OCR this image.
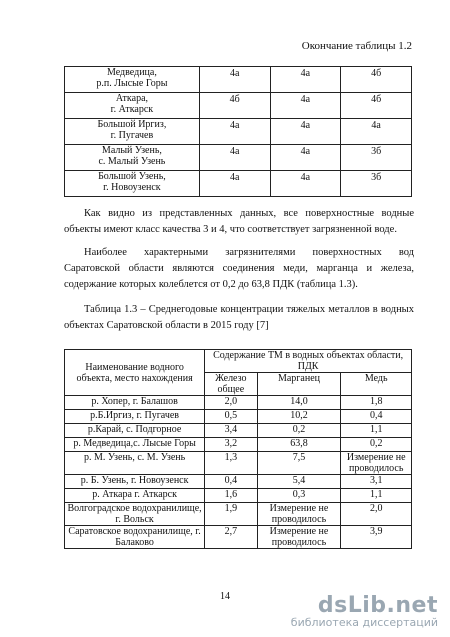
Окончание таблицы 1.2
Медведица,
р.п. Лысые Горы	4а	4а	4б

Аткара,
г. Аткарск	4б	4а	4б

Большой Иргиз,
г. Пугачев	4а	4а	4а

Малый Узень,
с. Малый Узень	4а	4а	3б

Большой Узень,
г. Новоузенск	4а	4а	3б
Как видно из представленных данных, все поверхностные водные объекты имеют класс качества 3 и 4, что соответствует загрязненной воде.
Наиболее характерными загрязнителями поверхностных вод Саратовской области являются соединения меди, марганца и железа, содержание которых колеблется от 0,2 до 63,8 ПДК (таблица 1.3).
Таблица 1.3 – Среднегодовые концентрации тяжелых металлов в водных объектах Саратовской области в 2015 году [7]
Наименование водного объекта, место нахождения	Содержание ТМ в водных объектах области, ПДК		
	Железо общее	Марганец	Медь
р. Хопер, г. Балашов	2,0	14,0	1,8
р.Б.Иргиз, г. Пугачев	0,5	10,2	0,4
р.Карай, с. Подгорное	3,4	0,2	1,1
р. Медведица,с. Лысые Горы	3,2	63,8	0,2
р. М. Узень, с. М. Узень	1,3	7,5	Измерение не проводилось
р. Б. Узень, г. Новоузенск	0,4	5,4	3,1
р. Аткара г. Аткарск	1,6	0,3	1,1
Волгоградское водохранилище, г. Вольск	1,9	Измерение не проводилось	2,0
Саратовское водохранилище, г. Балаково	2,7	Измерение не проводилось	3,9
14	dsLib.net
библиотека диссертаций
